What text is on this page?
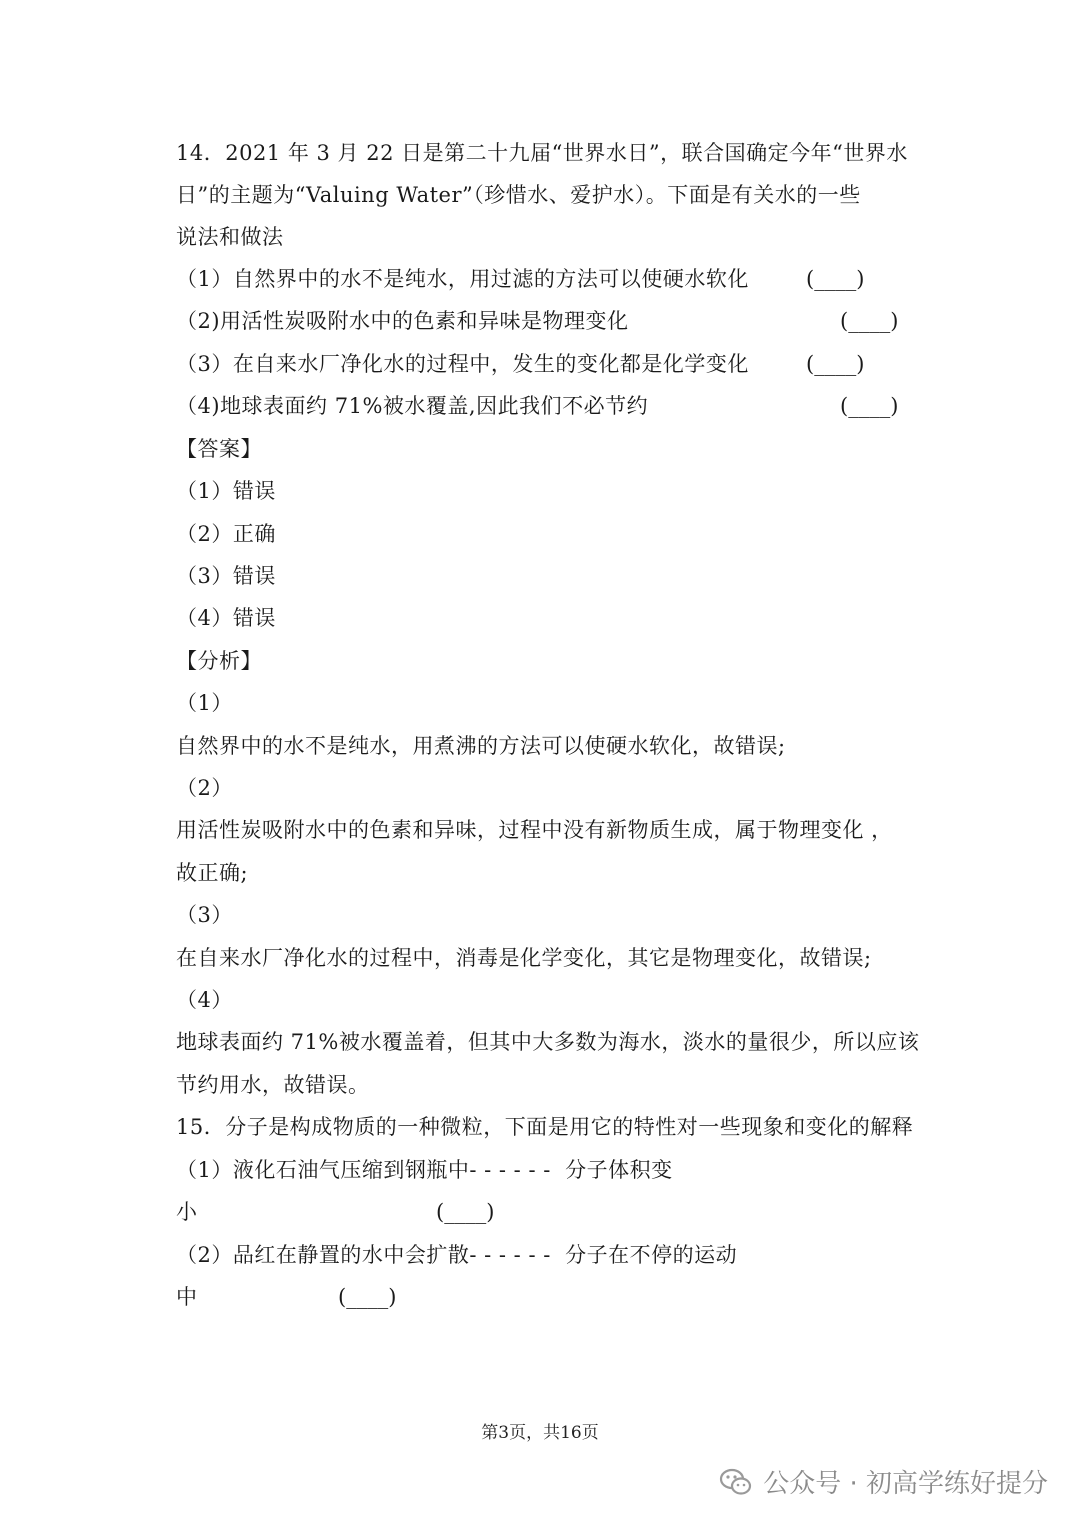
14．2021 年 3 月 22 日是第二十九届“世界水日”，联合国确定今年“世界水
日”的主题为“Valuing Water”（珍惜水、爱护水）。下面是有关水的一些
说法和做法
（1）自然界中的水不是纯水，用过滤的方法可以使硬水软化	(____)
（2)用活性炭吸附水中的色素和异味是物理变化	(____)
（3）在自来水厂净化水的过程中，发生的变化都是化学变化	(____)
（4)地球表面约 71%被水覆盖,因此我们不必节约	(____)
【答案】
（1）错误
（2）正确
（3）错误
（4）错误
【分析】
（1）
自然界中的水不是纯水，用煮沸的方法可以使硬水软化，故错误;
（2）
用活性炭吸附水中的色素和异味，过程中没有新物质生成，属于物理变化 ，
故正确;
（3）
在自来水厂净化水的过程中，消毒是化学变化，其它是物理变化，故错误;
（4）
地球表面约 71%被水覆盖着，但其中大多数为海水，淡水的量很少，所以应该
节约用水，故错误。
15．分子是构成物质的一种微粒，下面是用它的特性对一些现象和变化的解释
（1）液化石油气压缩到钢瓶中- - - - - -  分子体积变
小	(____)
（2）品红在静置的水中会扩散- - - - - -  分子在不停的运动
中	(____)
第3页，共16页
公众号 · 初高学练好提分
